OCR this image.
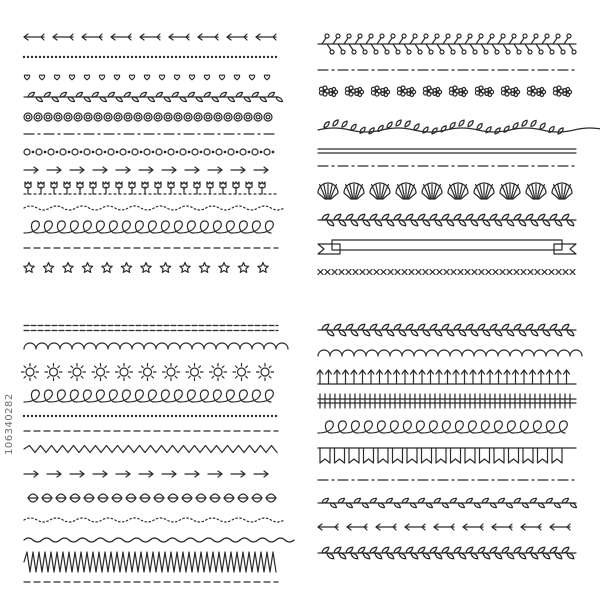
106340282
